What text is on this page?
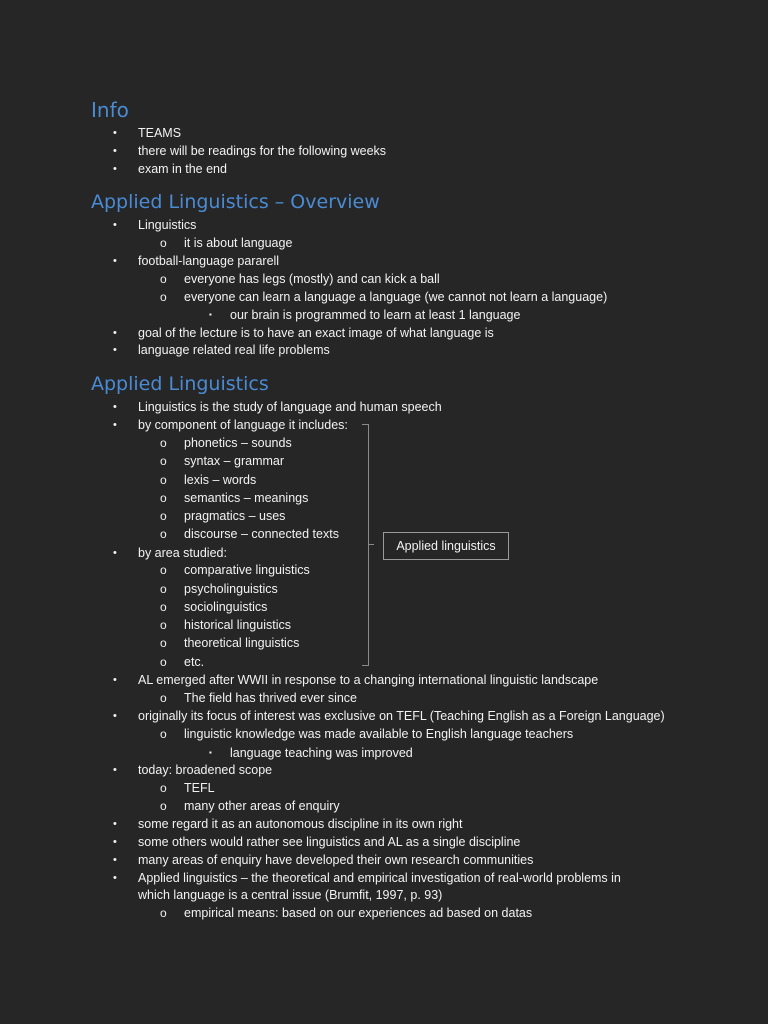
Info
• TEAMS
• there will be readings for the following weeks
• exam in the end
Applied Linguistics – Overview
• Linguistics
o it is about language
• football-language pararell
o everyone has legs (mostly) and can kick a ball
o everyone can learn a language a language (we cannot not learn a language)
▪ our brain is programmed to learn at least 1 language
• goal of the lecture is to have an exact image of what language is
• language related real life problems
Applied Linguistics
• Linguistics is the study of language and human speech
• by component of language it includes:
o phonetics – sounds
o syntax – grammar
o lexis – words
o semantics – meanings
o pragmatics – uses
o discourse – connected texts
• by area studied:
o comparative linguistics
o psycholinguistics
o sociolinguistics
o historical linguistics
o theoretical linguistics
o etc.
Applied linguistics
• AL emerged after WWII in response to a changing international linguistic landscape
o The field has thrived ever since
• originally its focus of interest was exclusive on TEFL (Teaching English as a Foreign Language)
o linguistic knowledge was made available to English language teachers
▪ language teaching was improved
• today: broadened scope
o TEFL
o many other areas of enquiry
• some regard it as an autonomous discipline in its own right
• some others would rather see linguistics and AL as a single discipline
• many areas of enquiry have developed their own research communities
• Applied linguistics – the theoretical and empirical investigation of real-world problems in
which language is a central issue (Brumfit, 1997, p. 93)
o empirical means: based on our experiences ad based on datas
